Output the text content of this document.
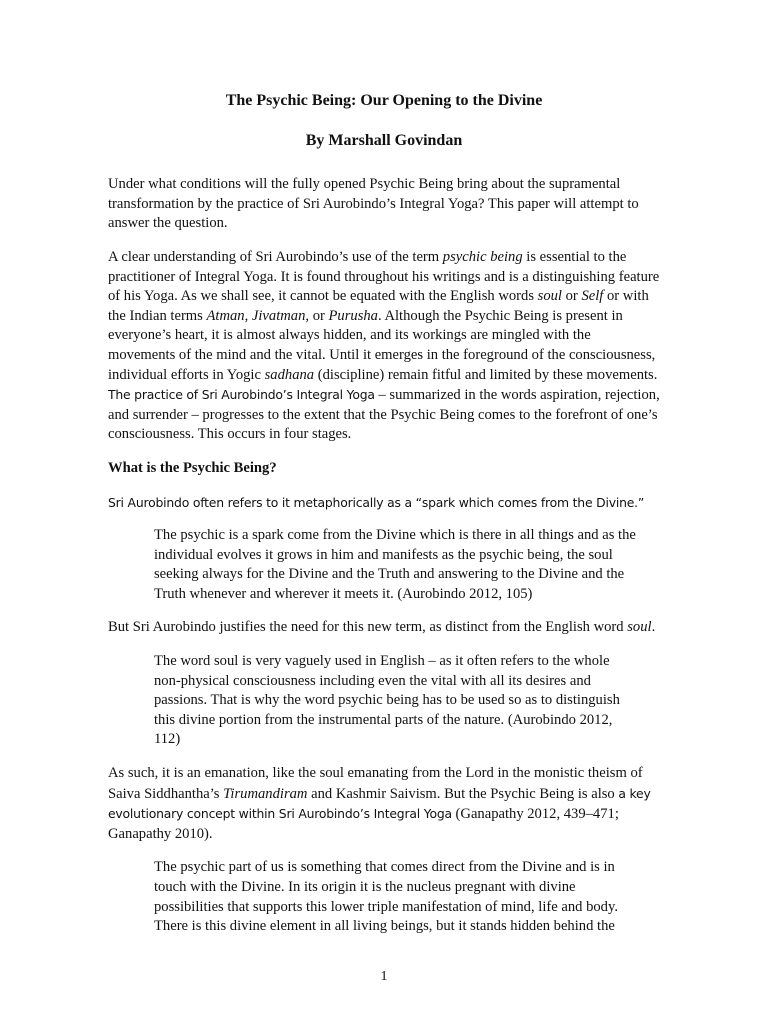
The Psychic Being: Our Opening to the Divine
By Marshall Govindan

Under what conditions will the fully opened Psychic Being bring about the supramental transformation by the practice of Sri Aurobindo’s Integral Yoga? This paper will attempt to answer the question.

A clear understanding of Sri Aurobindo’s use of the term psychic being is essential to the practitioner of Integral Yoga. It is found throughout his writings and is a distinguishing feature of his Yoga. As we shall see, it cannot be equated with the English words soul or Self or with the Indian terms Atman, Jivatman, or Purusha. Although the Psychic Being is present in everyone’s heart, it is almost always hidden, and its workings are mingled with the movements of the mind and the vital. Until it emerges in the foreground of the consciousness, individual efforts in Yogic sadhana (discipline) remain fitful and limited by these movements. The practice of Sri Aurobindo’s Integral Yoga – summarized in the words aspiration, rejection, and surrender – progresses to the extent that the Psychic Being comes to the forefront of one’s consciousness. This occurs in four stages.

What is the Psychic Being?

Sri Aurobindo often refers to it metaphorically as a “spark which comes from the Divine.”

The psychic is a spark come from the Divine which is there in all things and as the individual evolves it grows in him and manifests as the psychic being, the soul seeking always for the Divine and the Truth and answering to the Divine and the Truth whenever and wherever it meets it. (Aurobindo 2012, 105)

But Sri Aurobindo justifies the need for this new term, as distinct from the English word soul.

The word soul is very vaguely used in English – as it often refers to the whole non-physical consciousness including even the vital with all its desires and passions. That is why the word psychic being has to be used so as to distinguish this divine portion from the instrumental parts of the nature. (Aurobindo 2012, 112)

As such, it is an emanation, like the soul emanating from the Lord in the monistic theism of Saiva Siddhantha’s Tirumandiram and Kashmir Saivism. But the Psychic Being is also a key evolutionary concept within Sri Aurobindo’s Integral Yoga (Ganapathy 2012, 439–471; Ganapathy 2010).

The psychic part of us is something that comes direct from the Divine and is in touch with the Divine. In its origin it is the nucleus pregnant with divine possibilities that supports this lower triple manifestation of mind, life and body. There is this divine element in all living beings, but it stands hidden behind the
1
